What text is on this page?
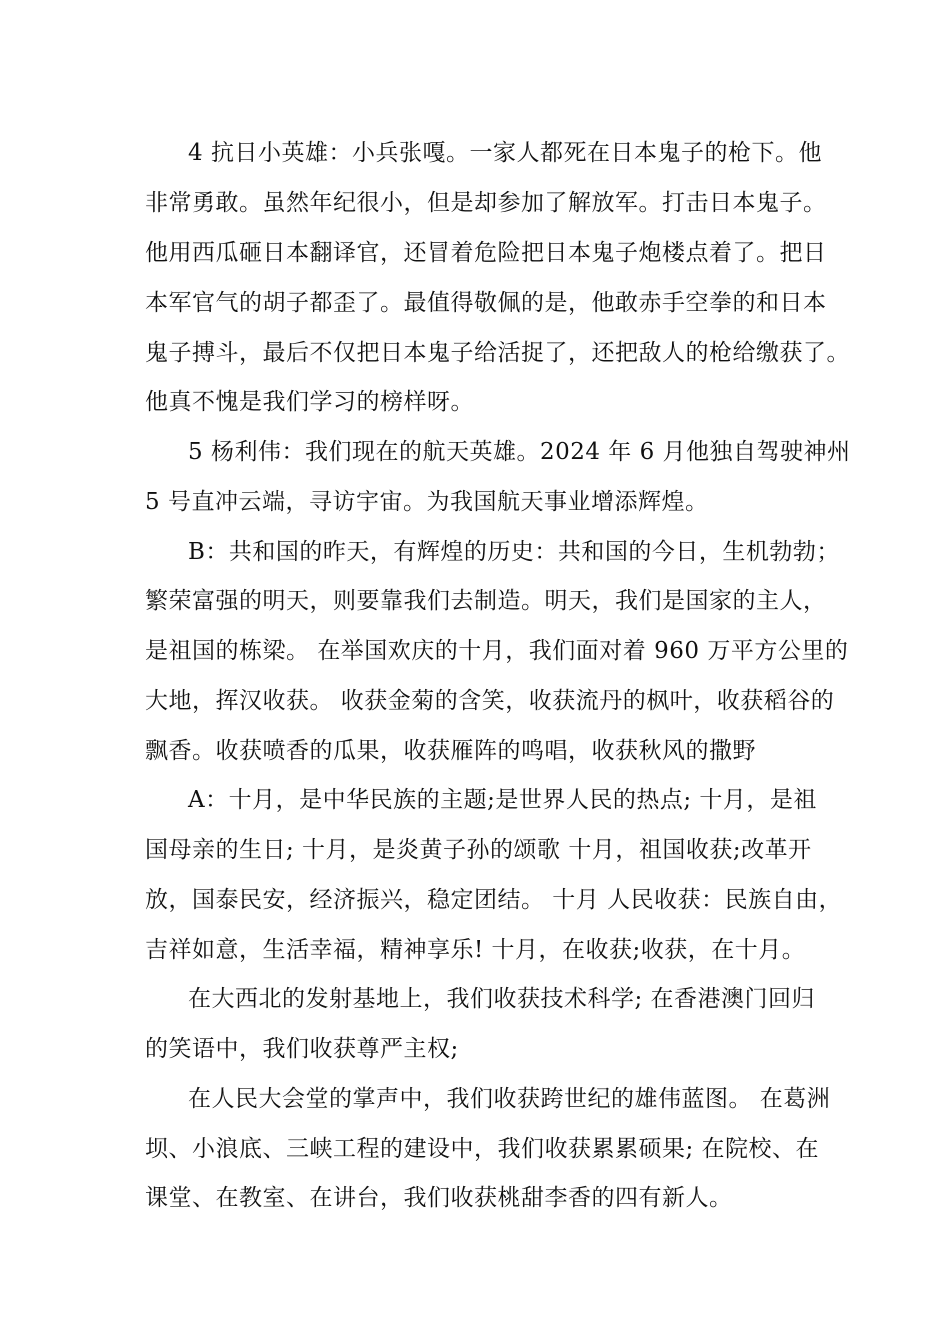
4 抗日小英雄：小兵张嘎。一家人都死在日本鬼子的枪下。他
非常勇敢。虽然年纪很小，但是却参加了解放军。打击日本鬼子。
他用西瓜砸日本翻译官，还冒着危险把日本鬼子炮楼点着了。把日
本军官气的胡子都歪了。最值得敬佩的是，他敢赤手空拳的和日本
鬼子搏斗，最后不仅把日本鬼子给活捉了，还把敌人的枪给缴获了。
他真不愧是我们学习的榜样呀。
5 杨利伟：我们现在的航天英雄。2024 年 6 月他独自驾驶神州
5 号直冲云端，寻访宇宙。为我国航天事业增添辉煌。
B：共和国的昨天，有辉煌的历史：共和国的今日，生机勃勃；
繁荣富强的明天，则要靠我们去制造。明天，我们是国家的主人，
是祖国的栋梁。 在举国欢庆的十月，我们面对着 960 万平方公里的
大地，挥汉收获。 收获金菊的含笑，收获流丹的枫叶，收获稻谷的
飘香。收获喷香的瓜果，收获雁阵的鸣唱，收获秋风的撒野
A：十月，是中华民族的主题;是世界人民的热点; 十月，是祖
国母亲的生日; 十月，是炎黄子孙的颂歌 十月，祖国收获;改革开
放，国泰民安，经济振兴，稳定团结。 十月 人民收获：民族自由，
吉祥如意，生活幸福，精神享乐! 十月，在收获;收获，在十月。
在大西北的发射基地上，我们收获技术科学; 在香港澳门回归
的笑语中，我们收获尊严主权;
在人民大会堂的掌声中，我们收获跨世纪的雄伟蓝图。 在葛洲
坝、小浪底、三峡工程的建设中，我们收获累累硕果; 在院校、在
课堂、在教室、在讲台，我们收获桃甜李香的四有新人。
